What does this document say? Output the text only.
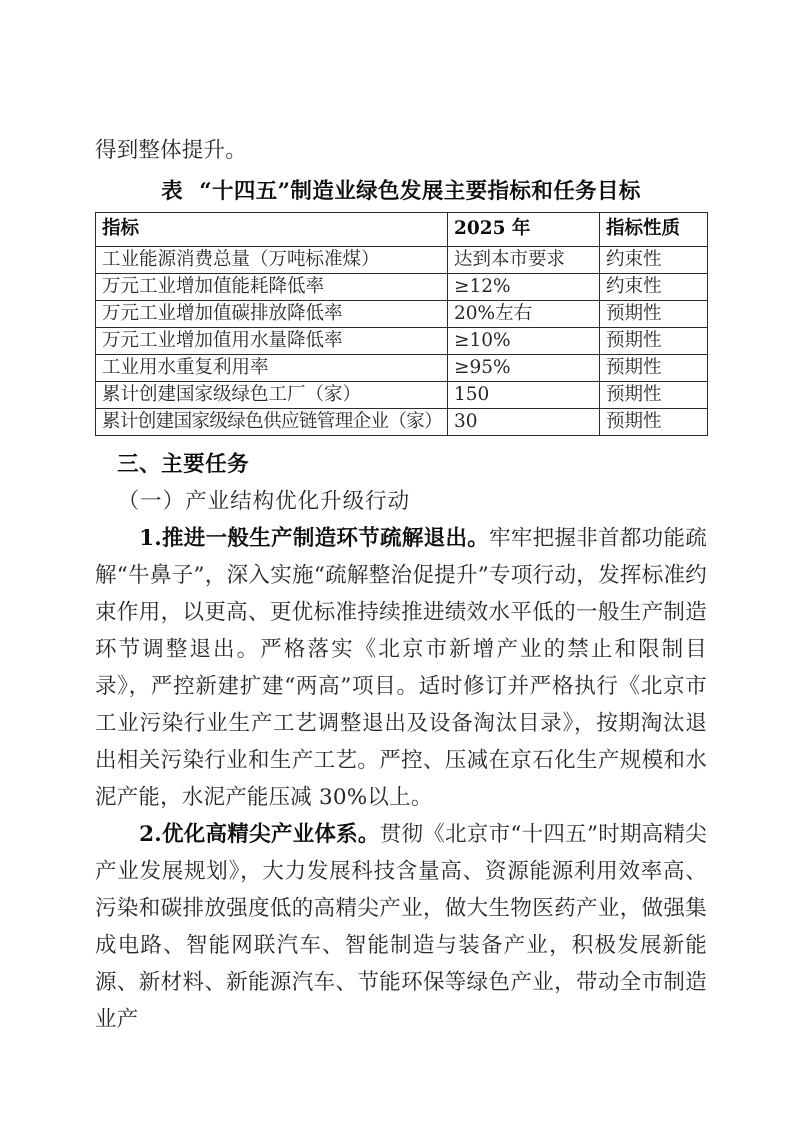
得到整体提升。

表 “十四五”制造业绿色发展主要指标和任务目标
指标	2025 年	指标性质
工业能源消费总量（万吨标准煤）	达到本市要求	约束性
万元工业增加值能耗降低率	≥12%	约束性
万元工业增加值碳排放降低率	20%左右	预期性
万元工业增加值用水量降低率	≥10%	预期性
工业用水重复利用率	≥95%	预期性
累计创建国家级绿色工厂（家）	150	预期性
累计创建国家级绿色供应链管理企业（家）	30	预期性

三、主要任务

（一）产业结构优化升级行动

1.推进一般生产制造环节疏解退出。牢牢把握非首都功能疏解“牛鼻子”，深入实施“疏解整治促提升”专项行动，发挥标准约束作用，以更高、更优标准持续推进绩效水平低的一般生产制造环节调整退出。严格落实《北京市新增产业的禁止和限制目录》，严控新建扩建“两高”项目。适时修订并严格执行《北京市工业污染行业生产工艺调整退出及设备淘汰目录》，按期淘汰退出相关污染行业和生产工艺。严控、压减在京石化生产规模和水泥产能，水泥产能压减 30%以上。

2.优化高精尖产业体系。贯彻《北京市“十四五”时期高精尖产业发展规划》，大力发展科技含量高、资源能源利用效率高、污染和碳排放强度低的高精尖产业，做大生物医药产业，做强集成电路、智能网联汽车、智能制造与装备产业，积极发展新能源、新材料、新能源汽车、节能环保等绿色产业，带动全市制造业产
